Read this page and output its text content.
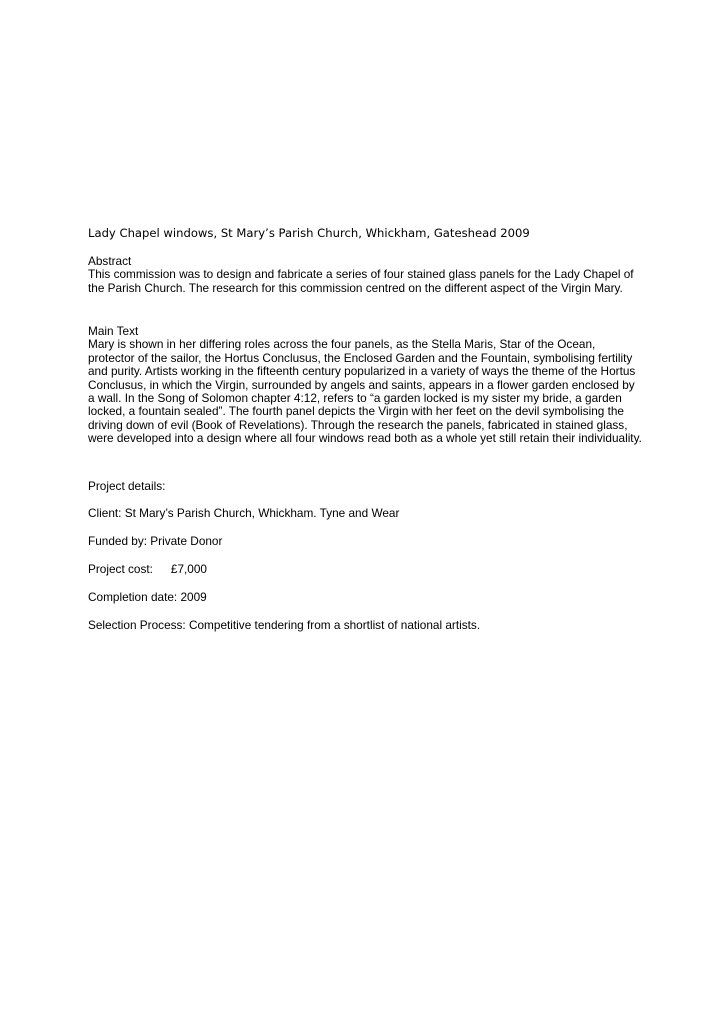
Lady Chapel windows, St Mary’s Parish Church, Whickham, Gateshead 2009

Abstract

This commission was to design and fabricate a series of four stained glass panels for the Lady Chapel of the Parish Church. The research for this commission centred on the different aspect of the Virgin Mary.

Main Text

Mary is shown in her differing roles across the four panels, as the Stella Maris, Star of the Ocean, protector of the sailor, the Hortus Conclusus, the Enclosed Garden and the Fountain, symbolising fertility and purity. Artists working in the fifteenth century popularized in a variety of ways the theme of the Hortus Conclusus, in which the Virgin, surrounded by angels and saints, appears in a flower garden enclosed by a wall. In the Song of Solomon chapter 4:12, refers to “a garden locked is my sister my bride, a garden locked, a fountain sealed”. The fourth panel depicts the Virgin with her feet on the devil symbolising the driving down of evil (Book of Revelations). Through the research the panels, fabricated in stained glass, were developed into a design where all four windows read both as a whole yet still retain their individuality.

Project details:
Client: St Mary’s Parish Church, Whickham. Tyne and Wear
Funded by: Private Donor
Project cost: £7,000
Completion date: 2009
Selection Process: Competitive tendering from a shortlist of national artists.
